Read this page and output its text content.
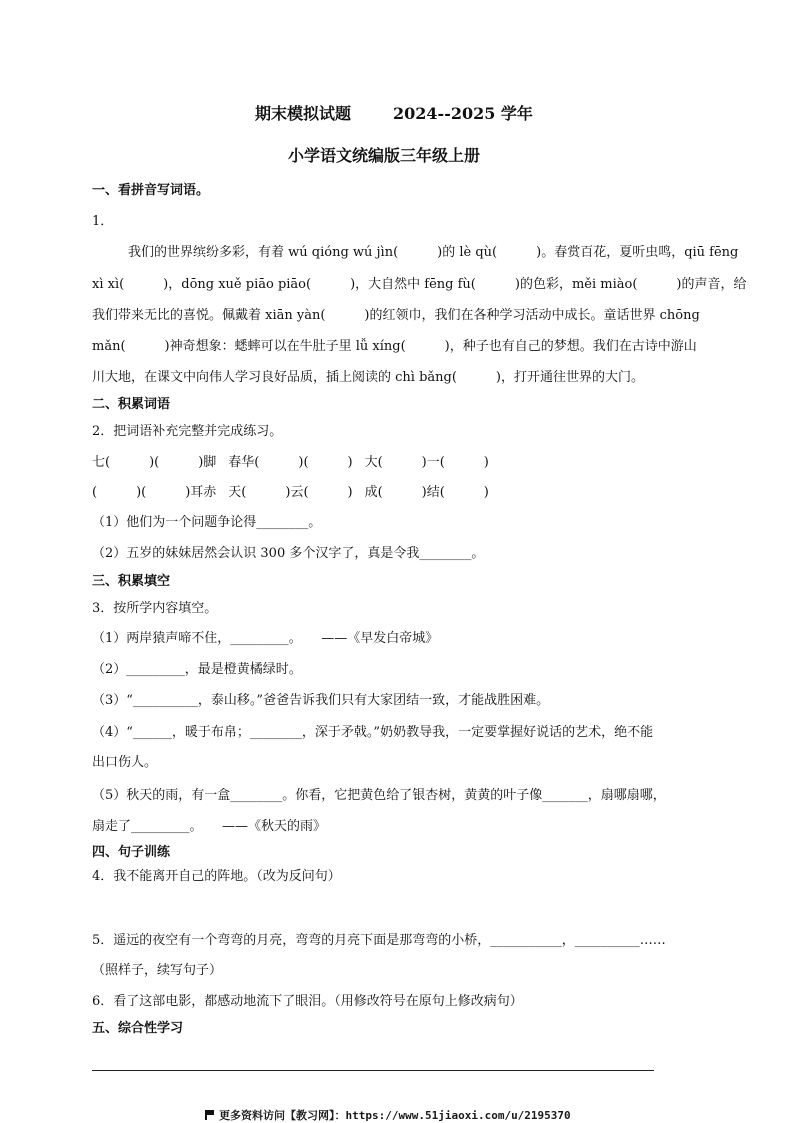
期末模拟试题	2024--2025 学年
小学语文统编版三年级上册
一、看拼音写词语。
1．
我们的世界缤纷多彩，有着 wú qióng wú jìn(　　　)的 lè qù(　　　)。春赏百花，夏听虫鸣，qiū fēng
xì xì(　　　)，dōng xuě piāo piāo(　　　)，大自然中 fēng fù(　　　)的色彩，měi miào(　　　)的声音，给
我们带来无比的喜悦。佩戴着 xiān yàn(　　　)的红领巾，我们在各种学习活动中成长。童话世界 chōng
mǎn(　　　)神奇想象：蟋蟀可以在牛肚子里 lǚ xíng(　　　)，种子也有自己的梦想。我们在古诗中游山
川大地，在课文中向伟人学习良好品质，插上阅读的 chì bǎng(　　　)，打开通往世界的大门。
二、积累词语
2．把词语补充完整并完成练习。
七(　　　)(　　　)脚 春华(　　　)(　　　) 大(　　　)一(　　　)
(　　　)(　　　)耳赤 天(　　　)云(　　　) 成(　　　)结(　　　)
（1）他们为一个问题争论得________。
（2）五岁的妹妹居然会认识 300 多个汉字了，真是令我________。
三、积累填空
3．按所学内容填空。
（1）两岸猿声啼不住，_________。　　——《早发白帝城》
（2）_________，最是橙黄橘绿时。
（3）“__________，泰山移。”爸爸告诉我们只有大家团结一致，才能战胜困难。
（4）“______，暖于布帛；________，深于矛戟。”奶奶教导我，一定要掌握好说话的艺术，绝不能
出口伤人。
（5）秋天的雨，有一盒________。你看，它把黄色给了银杏树，黄黄的叶子像_______，扇哪扇哪，
扇走了_________。　　——《秋天的雨》
四、句子训练
4．我不能离开自己的阵地。（改为反问句）
5．遥远的夜空有一个弯弯的月亮，弯弯的月亮下面是那弯弯的小桥，___________，__________……
（照样子，续写句子）
6．看了这部电影，都感动地流下了眼泪。（用修改符号在原句上修改病句）
五、综合性学习
更多资料访问【教习网】：https://www.51jiaoxi.com/u/2195370
